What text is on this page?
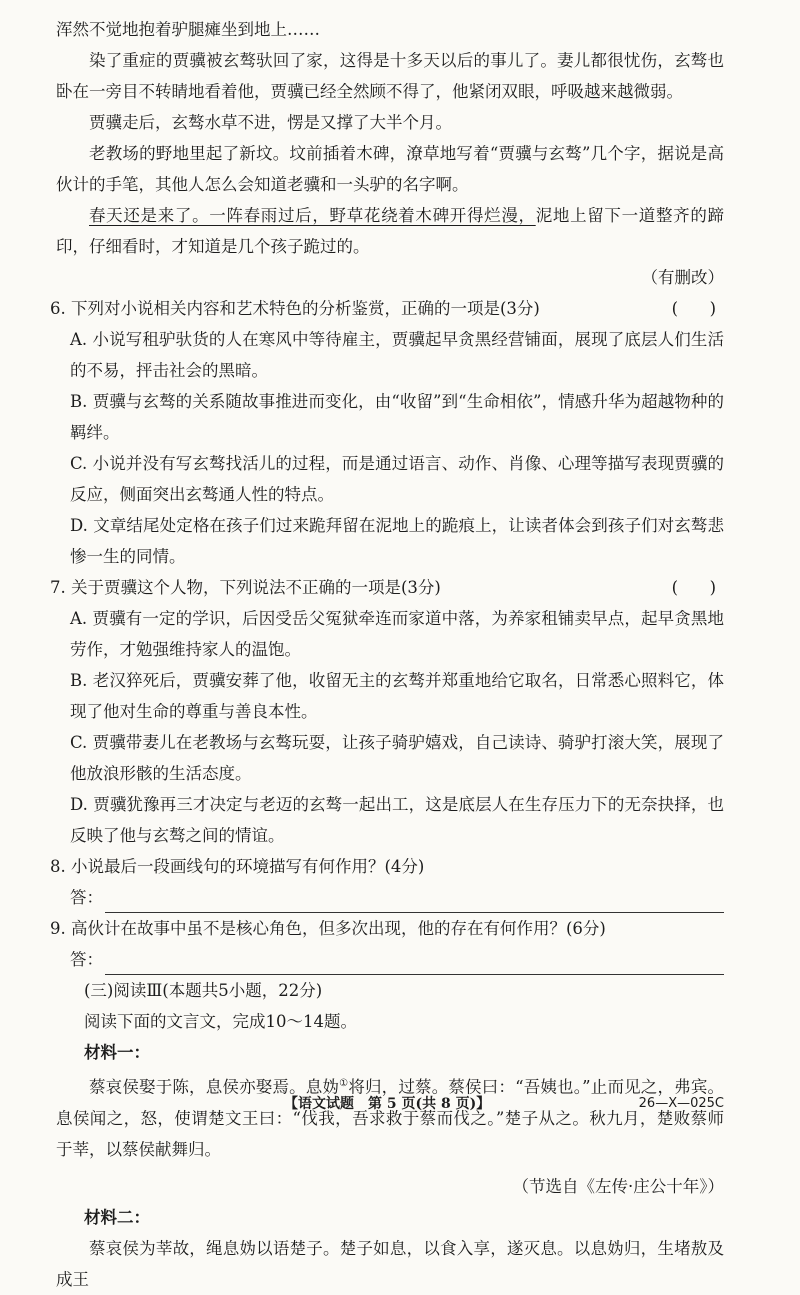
浑然不觉地抱着驴腿瘫坐到地上……
染了重症的贾骥被玄骜驮回了家，这得是十多天以后的事儿了。妻儿都很忧伤，玄骜也卧在一旁目不转睛地看着他，贾骥已经全然顾不得了，他紧闭双眼，呼吸越来越微弱。
贾骥走后，玄骜水草不进，愣是又撑了大半个月。
老教场的野地里起了新坟。坟前插着木碑，潦草地写着“贾骥与玄骜”几个字，据说是高伙计的手笔，其他人怎么会知道老骥和一头驴的名字啊。
春天还是来了。一阵春雨过后，野草花绕着木碑开得烂漫，泥地上留下一道整齐的蹄印，仔细看时，才知道是几个孩子跪过的。
（有删改）
6. 下列对小说相关内容和艺术特色的分析鉴赏，正确的一项是(3分)	(      )
A. 小说写租驴驮货的人在寒风中等待雇主，贾骥起早贪黑经营铺面，展现了底层人们生活的不易，抨击社会的黑暗。
B. 贾骥与玄骜的关系随故事推进而变化，由“收留”到“生命相依”，情感升华为超越物种的羁绊。
C. 小说并没有写玄骜找活儿的过程，而是通过语言、动作、肖像、心理等描写表现贾骥的反应，侧面突出玄骜通人性的特点。
D. 文章结尾处定格在孩子们过来跪拜留在泥地上的跪痕上，让读者体会到孩子们对玄骜悲惨一生的同情。
7. 关于贾骥这个人物，下列说法不正确的一项是(3分)	(      )
A. 贾骥有一定的学识，后因受岳父冤狱牵连而家道中落，为养家租铺卖早点，起早贪黑地劳作，才勉强维持家人的温饱。
B. 老汉猝死后，贾骥安葬了他，收留无主的玄骜并郑重地给它取名，日常悉心照料它，体现了他对生命的尊重与善良本性。
C. 贾骥带妻儿在老教场与玄骜玩耍，让孩子骑驴嬉戏，自己读诗、骑驴打滚大笑，展现了他放浪形骸的生活态度。
D. 贾骥犹豫再三才决定与老迈的玄骜一起出工，这是底层人在生存压力下的无奈抉择，也反映了他与玄骜之间的情谊。
8. 小说最后一段画线句的环境描写有何作用？(4分)
答：
9. 高伙计在故事中虽不是核心角色，但多次出现，他的存在有何作用？(6分)
答：
(三)阅读Ⅲ(本题共5小题，22分)
阅读下面的文言文，完成10～14题。
材料一：
蔡哀侯娶于陈，息侯亦娶焉。息妫①将归，过蔡。蔡侯曰：“吾姨也。”止而见之，弗宾。息侯闻之，怒，使谓楚文王曰：“伐我，吾求救于蔡而伐之。”楚子从之。秋九月，楚败蔡师于莘，以蔡侯献舞归。
（节选自《左传·庄公十年》）
材料二：
蔡哀侯为莘故，绳息妫以语楚子。楚子如息，以食入享，遂灭息。以息妫归，生堵敖及成王
【语文试题　第 5 页(共 8 页)】	26—X—025C
